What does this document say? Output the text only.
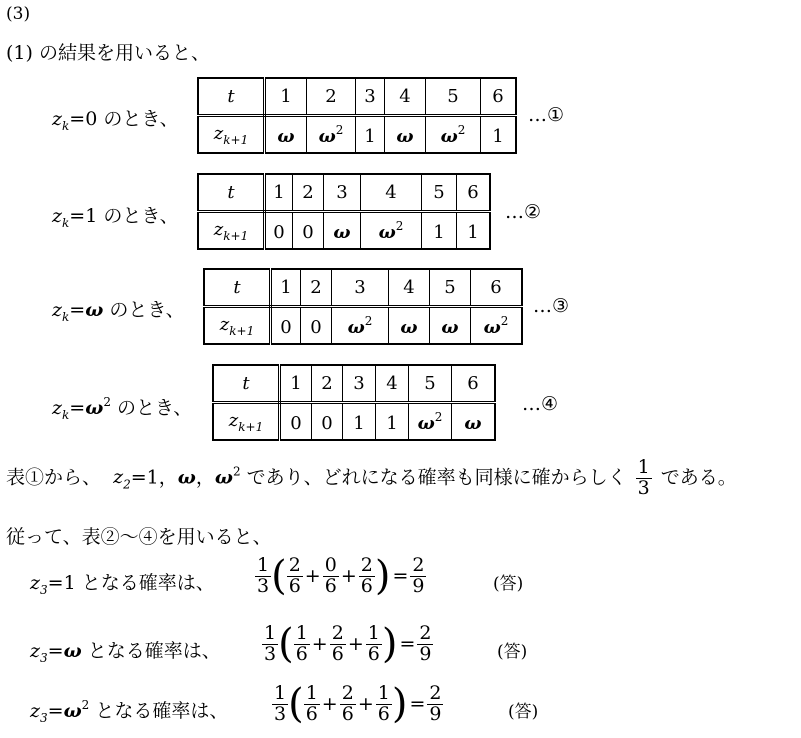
(3)
(1) の結果を用いると、
$z_k=0$ のとき、
t	1	2	3	4	5	6
$z_{k+1}$	ω	$\omega^2$	1	ω	$\omega^2$	1
…①
$z_k=1$ のとき、
t	1	2	3	4	5	6
$z_{k+1}$	0	0	ω	$\omega^2$	1	1
…②
$z_k=\omega$ のとき、
t	1	2	3	4	5	6
$z_{k+1}$	0	0	$\omega^2$	ω	ω	$\omega^2$
…③
$z_k=\omega^2$ のとき、
t	1	2	3	4	5	6
$z_{k+1}$	0	0	1	1	$\omega^2$	ω
…④
表①から、 $z_2=1$，ω，$\omega^2$ であり、どれになる確率も同様に確からしく $\frac{1}{3}$ である。
従って、表②～④を用いると、
$z_3=1$ となる確率は、 $\frac{1}{3}$ ( $\frac{2}{6} + \frac{0}{6} + \frac{2}{6}$ ) = $\frac{2}{9}$	(答)
$z_3=\omega$ となる確率は、 $\frac{1}{3}$ ( $\frac{1}{6} + \frac{2}{6} + \frac{1}{6}$ ) = $\frac{2}{9}$	(答)
$z_3=\omega^2$ となる確率は、 $\frac{1}{3}$ ( $\frac{1}{6} + \frac{2}{6} + \frac{1}{6}$ ) = $\frac{2}{9}$	(答)
